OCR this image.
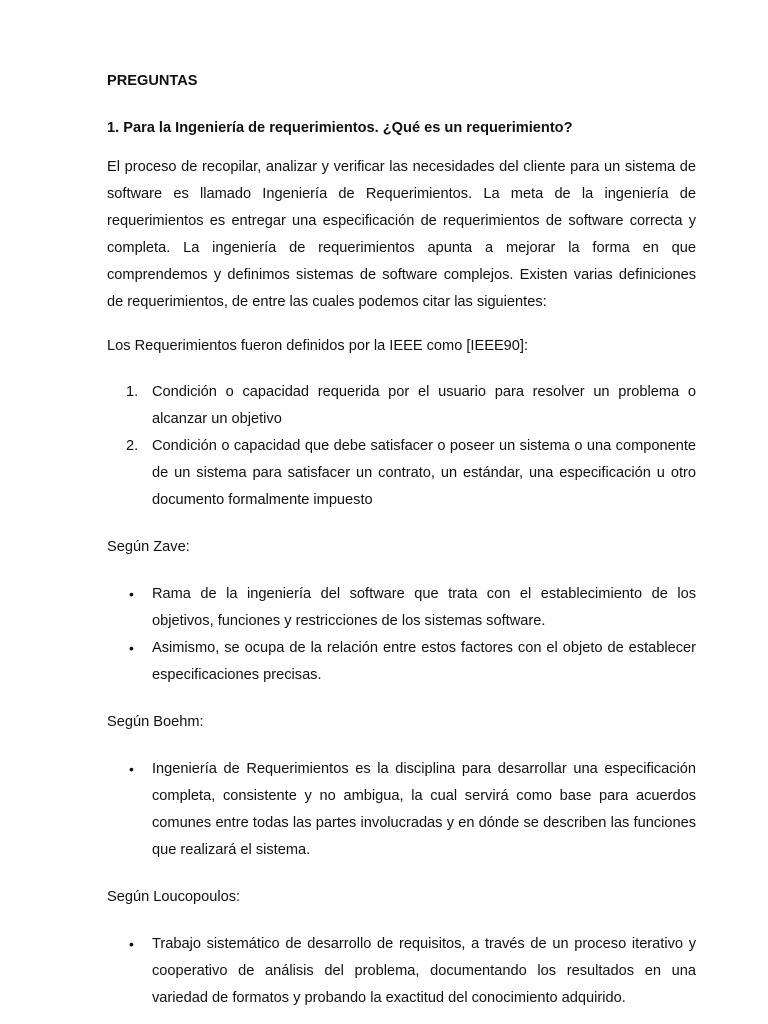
PREGUNTAS
1. Para la Ingeniería de requerimientos. ¿Qué es un requerimiento?

El proceso de recopilar, analizar y verificar las necesidades del cliente para un sistema de software es llamado Ingeniería de Requerimientos. La meta de la ingeniería de requerimientos es entregar una especificación de requerimientos de software correcta y completa. La ingeniería de requerimientos apunta a mejorar la forma en que comprendemos y definimos sistemas de software complejos. Existen varias definiciones de requerimientos, de entre las cuales podemos citar las siguientes:

Los Requerimientos fueron definidos por la IEEE como [IEEE90]:

1. Condición o capacidad requerida por el usuario para resolver un problema o alcanzar un objetivo
2. Condición o capacidad que debe satisfacer o poseer un sistema o una componente de un sistema para satisfacer un contrato, un estándar, una especificación u otro documento formalmente impuesto

Según Zave:

• Rama de la ingeniería del software que trata con el establecimiento de los objetivos, funciones y restricciones de los sistemas software.
• Asimismo, se ocupa de la relación entre estos factores con el objeto de establecer especificaciones precisas.

Según Boehm:

• Ingeniería de Requerimientos es la disciplina para desarrollar una especificación completa, consistente y no ambigua, la cual servirá como base para acuerdos comunes entre todas las partes involucradas y en dónde se describen las funciones que realizará el sistema.

Según Loucopoulos:

• Trabajo sistemático de desarrollo de requisitos, a través de un proceso iterativo y cooperativo de análisis del problema, documentando los resultados en una variedad de formatos y probando la exactitud del conocimiento adquirido.
